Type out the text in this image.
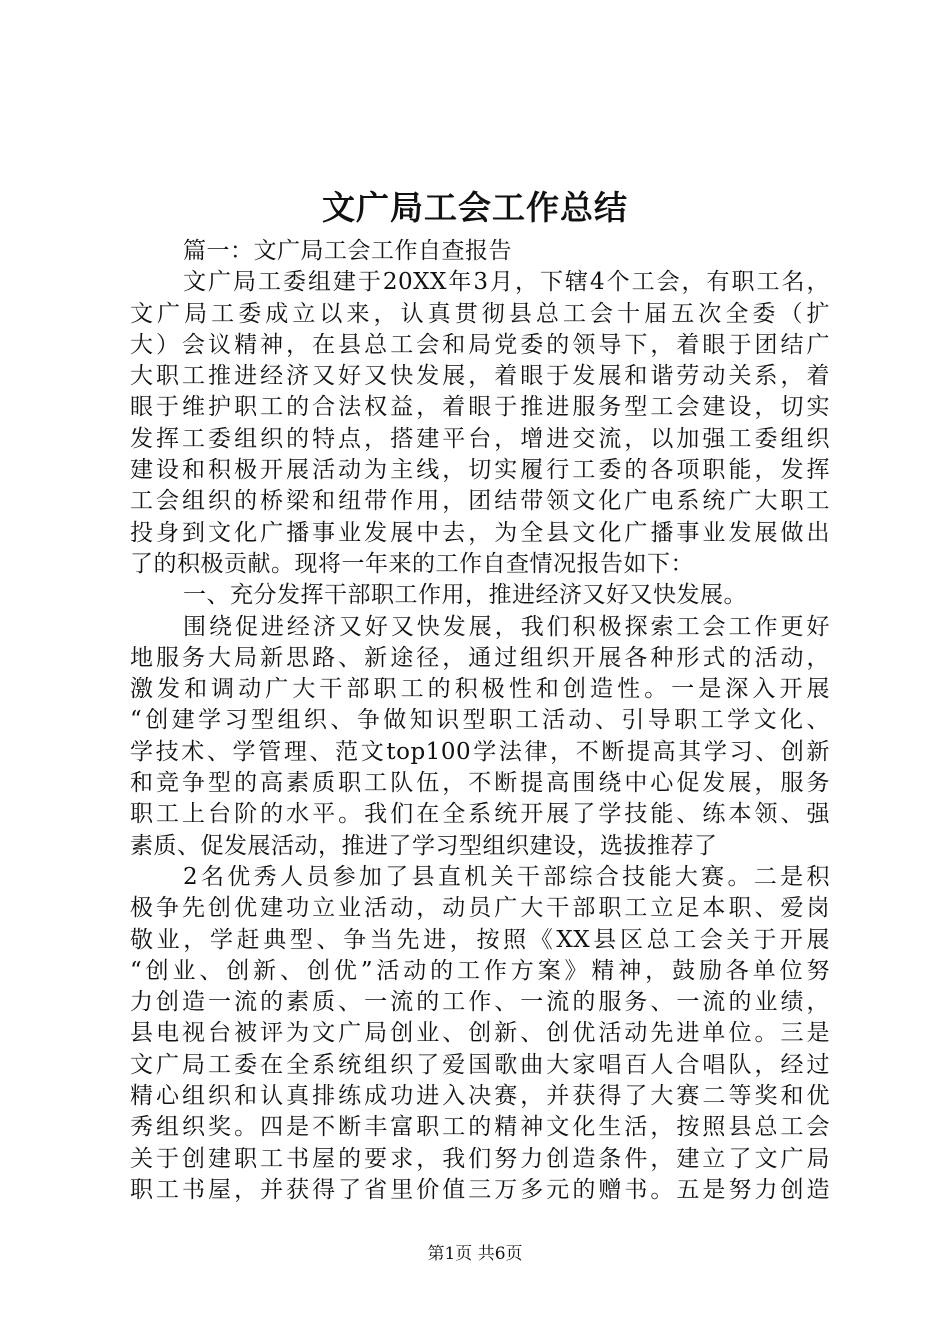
文广局工会工作总结
篇一：文广局工会工作自查报告
文广局工委组建于20XX年3月，下辖4个工会，有职工名，
文广局工委成立以来，认真贯彻县总工会十届五次全委（扩
大）会议精神，在县总工会和局党委的领导下，着眼于团结广
大职工推进经济又好又快发展，着眼于发展和谐劳动关系，着
眼于维护职工的合法权益，着眼于推进服务型工会建设，切实
发挥工委组织的特点，搭建平台，增进交流，以加强工委组织
建设和积极开展活动为主线，切实履行工委的各项职能，发挥
工会组织的桥梁和纽带作用，团结带领文化广电系统广大职工
投身到文化广播事业发展中去，为全县文化广播事业发展做出
了的积极贡献。现将一年来的工作自查情况报告如下：
一、充分发挥干部职工作用，推进经济又好又快发展。
围绕促进经济又好又快发展，我们积极探索工会工作更好
地服务大局新思路、新途径，通过组织开展各种形式的活动，
激发和调动广大干部职工的积极性和创造性。一是深入开展
“创建学习型组织、争做知识型职工活动、引导职工学文化、
学技术、学管理、范文top100学法律，不断提高其学习、创新
和竞争型的高素质职工队伍，不断提高围绕中心促发展，服务
职工上台阶的水平。我们在全系统开展了学技能、练本领、强
素质、促发展活动，推进了学习型组织建设，选拔推荐了
2名优秀人员参加了县直机关干部综合技能大赛。二是积
极争先创优建功立业活动，动员广大干部职工立足本职、爱岗
敬业，学赶典型、争当先进，按照《XX县区总工会关于开展
“创业、创新、创优”活动的工作方案》精神，鼓励各单位努
力创造一流的素质、一流的工作、一流的服务、一流的业绩，
县电视台被评为文广局创业、创新、创优活动先进单位。三是
文广局工委在全系统组织了爱国歌曲大家唱百人合唱队，经过
精心组织和认真排练成功进入决赛，并获得了大赛二等奖和优
秀组织奖。四是不断丰富职工的精神文化生活，按照县总工会
关于创建职工书屋的要求，我们努力创造条件，建立了文广局
职工书屋，并获得了省里价值三万多元的赠书。五是努力创造
第1页 共6页
